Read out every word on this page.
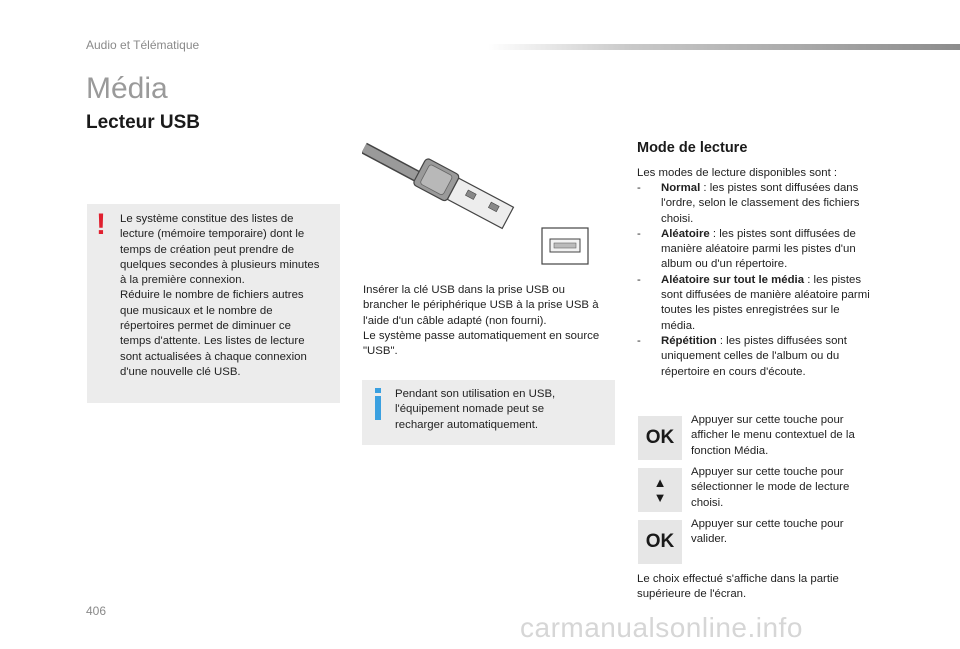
Audio et Télématique
Média
Lecteur USB
! Le système constitue des listes de
lecture (mémoire temporaire) dont le
temps de création peut prendre de
quelques secondes à plusieurs minutes
à la première connexion.
Réduire le nombre de fichiers autres
que musicaux et le nombre de
répertoires permet de diminuer ce
temps d'attente. Les listes de lecture
sont actualisées à chaque connexion
d'une nouvelle clé USB.
Insérer la clé USB dans la prise USB ou
brancher le périphérique USB à la prise USB à
l'aide d'un câble adapté (non fourni).
Le système passe automatiquement en source
"USB".
Pendant son utilisation en USB,
l'équipement nomade peut se
recharger automatiquement.
Mode de lecture
Les modes de lecture disponibles sont :
- Normal : les pistes sont diffusées dans
l'ordre, selon le classement des fichiers
choisi.
- Aléatoire : les pistes sont diffusées de
manière aléatoire parmi les pistes d'un
album ou d'un répertoire.
- Aléatoire sur tout le média : les pistes
sont diffusées de manière aléatoire parmi
toutes les pistes enregistrées sur le
média.
- Répétition : les pistes diffusées sont
uniquement celles de l'album ou du
répertoire en cours d'écoute.
OK
Appuyer sur cette touche pour
afficher le menu contextuel de la
fonction Média.
▲
▼
Appuyer sur cette touche pour
sélectionner le mode de lecture
choisi.
OK
Appuyer sur cette touche pour
valider.
Le choix effectué s'affiche dans la partie
supérieure de l'écran.
406
carmanualsonline.info
